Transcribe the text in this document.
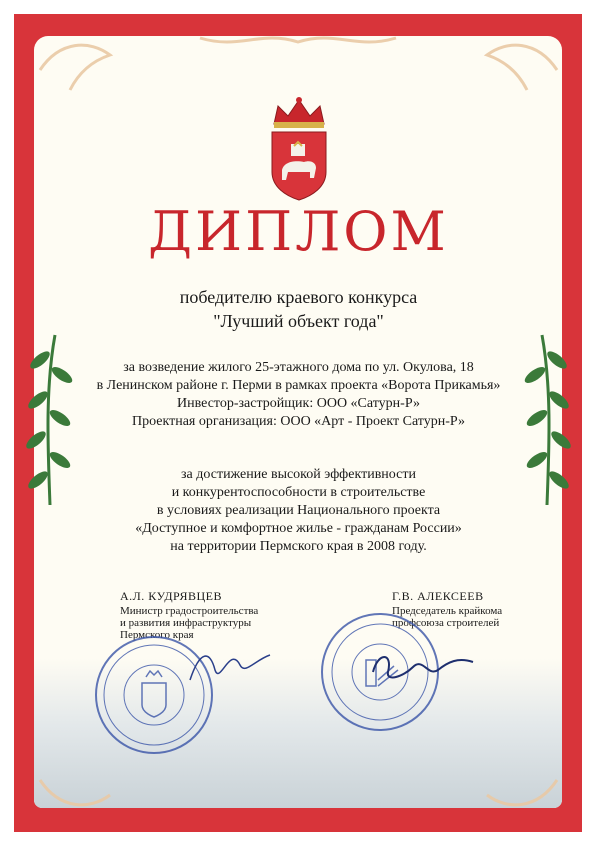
ДИПЛОМ
победителю краевого конкурса
"Лучший объект года"
за возведение жилого 25-этажного дома по ул. Окулова, 18
в Ленинском районе г. Перми в рамках проекта «Ворота Прикамья»
Инвестор-застройщик: ООО «Сатурн-Р»
Проектная организация: ООО «Арт - Проект Сатурн-Р»
за достижение высокой эффективности
и конкурентоспособности в строительстве
в условиях реализации Национального проекта
«Доступное и комфортное жилье - гражданам России»
на территории Пермского края в 2008 году.
А.Л. КУДРЯВЦЕВ
Министр градостроительства
и развития инфраструктуры
Пермского края
Г.В. АЛЕКСЕЕВ
Председатель крайкома
профсоюза строителей
